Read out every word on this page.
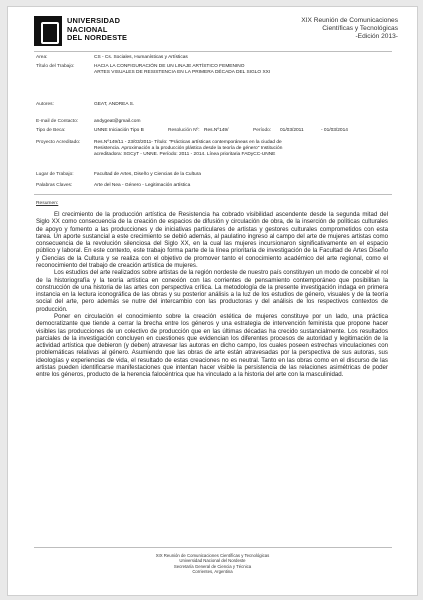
UNIVERSIDAD
NACIONAL
DEL NORDESTE
XIX Reunión de Comunicaciones
Científicas y Tecnológicas
-Edición 2013-
Area:	CS - Cs. Sociales, Humanísticas y Artísticas
Título del Trabajo:	HACIA LA CONFIGURACIÓN DE UN LINAJE ARTÍSTICO FEMENINO
ARTES VISUALES DE RESISTENCIA EN LA PRIMERA DÉCADA DEL SIGLO XXI
Autores:	GEAT, ANDREA S.
E-mail de Contacto:	andygeat@gmail.com
Tipo de Beca:	UNNE Iniciación Tipo B	Resolución Nº: Res.Nº149/	Período: 01/03/2011	- 01/03/2014
Proyecto Acreditado:	Res.Nº149/11 - 23/03/2011- Título: "Prácticas artísticas contemporáneas en la ciudad de
Resistencia. Aproximación a la producción plástica desde la teoría de género" Institución
acreditadora: SGCyT - UNNE. Período: 2011 - 2014. Línea prioritaria FADyCC-UNNE
Lugar de Trabajo:	Facultad de Artes, Diseño y Ciencias de la Cultura
Palabras Claves:	Arte del Nea - Género - Legitimación artística
Resumen:

El crecimiento de la producción artística de Resistencia ha cobrado visibilidad ascendente desde la segunda mitad del Siglo XX como consecuencia de la creación de espacios de difusión y circulación de obra, de la inserción de políticas culturales de apoyo y fomento a las producciones y de iniciativas particulares de artistas y gestores culturales comprometidos con esta tarea. Un aporte sustancial a este crecimiento se debió además, al paulatino ingreso al campo del arte de mujeres artistas como consecuencia de la revolución silenciosa del Siglo XX, en la cual las mujeres incursionaron significativamente en el espacio público y laboral. En este contexto, este trabajo forma parte de la línea prioritaria de investigación de la Facultad de Artes Diseño y Ciencias de la Cultura y se realiza con el objetivo de promover tanto el conocimiento académico del arte regional, como el reconocimiento del trabajo de creación artística de mujeres.

Los estudios del arte realizados sobre artistas de la región nordeste de nuestro país constituyen un modo de concebir el rol de la historiografía y la teoría artística en conexión con las corrientes de pensamiento contemporáneo que posibilitan la construcción de una historia de las artes con perspectiva crítica. La metodología de la presente investigación indaga en primera instancia en la lectura iconográfica de las obras y su posterior análisis a la luz de los estudios de género, visuales y de la teoría social del arte, pero además se nutre del intercambio con las productoras y del análisis de los respectivos contextos de producción.

Poner en circulación el conocimiento sobre la creación estética de mujeres constituye por un lado, una práctica democratizante que tiende a cerrar la brecha entre los géneros y una estrategia de intervención feminista que propone hacer visibles las producciones de un colectivo de producción que en las últimas décadas ha crecido sustancialmente. Los resultados parciales de la investigación concluyen en cuestiones que evidencian los diferentes procesos de autoridad y legitimación de la actividad artística que debieron (y deben) atravesar las autoras en dicho campo, los cuales poseen estrechas vinculaciones con problemáticas relativas al género. Asumiendo que las obras de arte están atravesadas por la perspectiva de sus autoras, sus ideologías y experiencias de vida, el resultado de estas creaciones no es neutral. Tanto en las obras como en el discurso de las artistas pueden identificarse manifestaciones que intentan hacer visible la persistencia de las relaciones asimétricas de poder entre los géneros, producto de la herencia falocéntrica que ha vinculado a la historia del arte con la masculinidad.

XIX Reunión de Comunicaciones Científicas y Tecnológicas
Universidad Nacional del Nordeste
Secretaría General de Ciencia y Técnica
Corrientes, Argentina
